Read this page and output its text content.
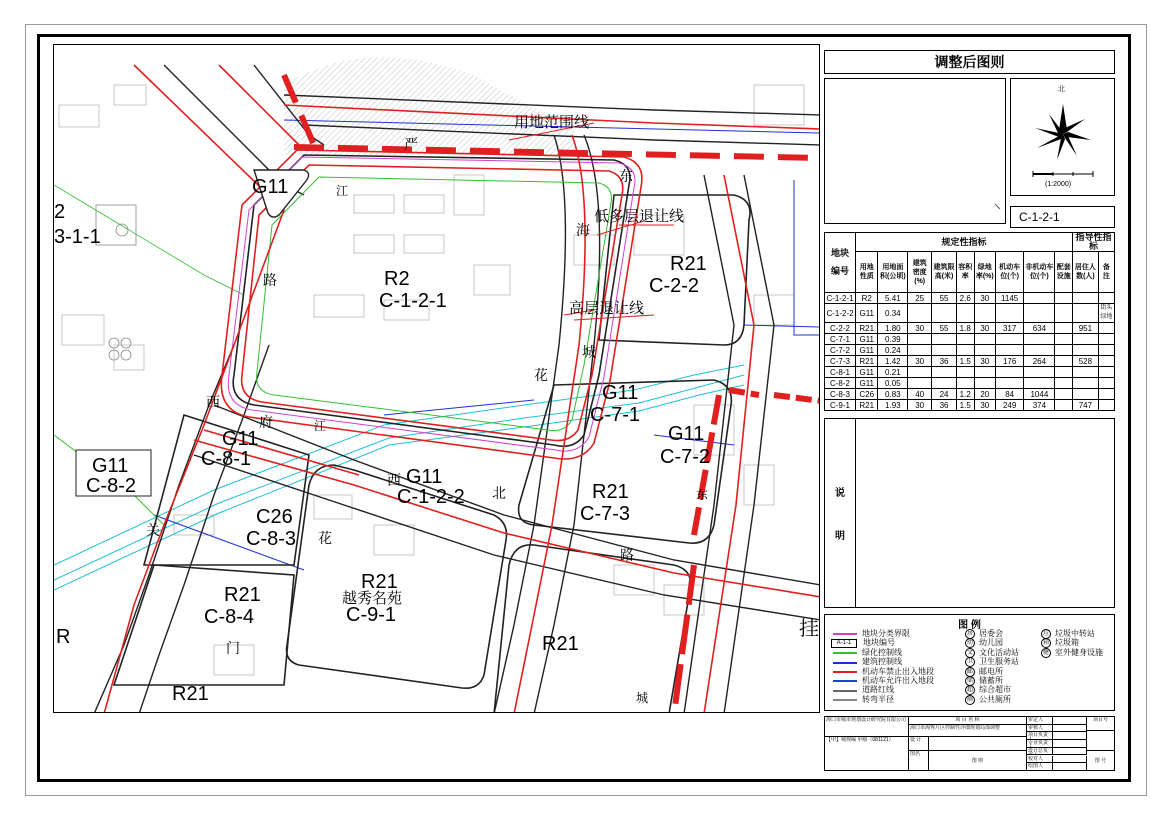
R2
C-1-2-1
R21
C-2-2
G11
2
3-1-1
G11
C-7-1
G11
C-7-2
G11
C-8-1
G11
C-8-2	G11
C-1-2-2	R21
C-7-3
C26
C-8-3
R21
C-8-4
R21
C-9-1
R21
R21
越秀名苑
用地范围线
低多层退让线
高层退让线
严
东
西
路
海
府
城
花
西
北
关	花
路
门
R	挂
江
江
东
城
调整后图则
北
(1:2000)
C-1-2-1
地块

编号	规定性指标									指导性指标	
	用地性质	用地面积(公顷)	建筑密度(%)	建筑限高(米)	容积率	绿地率(%)	机动车位(个)	非机动车位(个)	配套设施	居住人数(人)	备注
C-1-2-1	R2	5.41	25	55	2.6	30	1145				
C-1-2-2	G11	0.34									街头绿地
C-2-2	R21	1.80	30	55	1.8	30	317	634		951	
C-7-1	G11	0.39									
C-7-2	G11	0.24									
C-7-3	R21	1.42	30	36	1.5	30	176	264		528	
C-8-1	G11	0.21									
C-8-2	G11	0.05									
C-8-3	C26	0.83	40	24	1.2	20	84	1044			
C-9-1	R21	1.93	30	36	1.5	30	249	374		747	
说
明
图 例
地块分类界限
A-1-1 地块编号
绿化控制线
建筑控制线
机动车禁止出入地段
机动车允许出入地段
道路红线
转弯半径
居 居委会
幼 幼儿园
文 文化活动站
卫 卫生服务站
邮 邮电所
储 储蓄所
超 综合超市
厕 公共厕所
垃 垃圾中转站
箱 垃圾箱
健 室外健身设施
海口市城市规划设计研究院有限公司
【甲】城规编 甲级（081121）
项 目 名 称
海口市海秀片区控制性详细规划局部调整
设 计
图名
图 则
审定人
审核人
项目负责
专业负责
设计总负
校对人
绘图人
项目号
图 号
